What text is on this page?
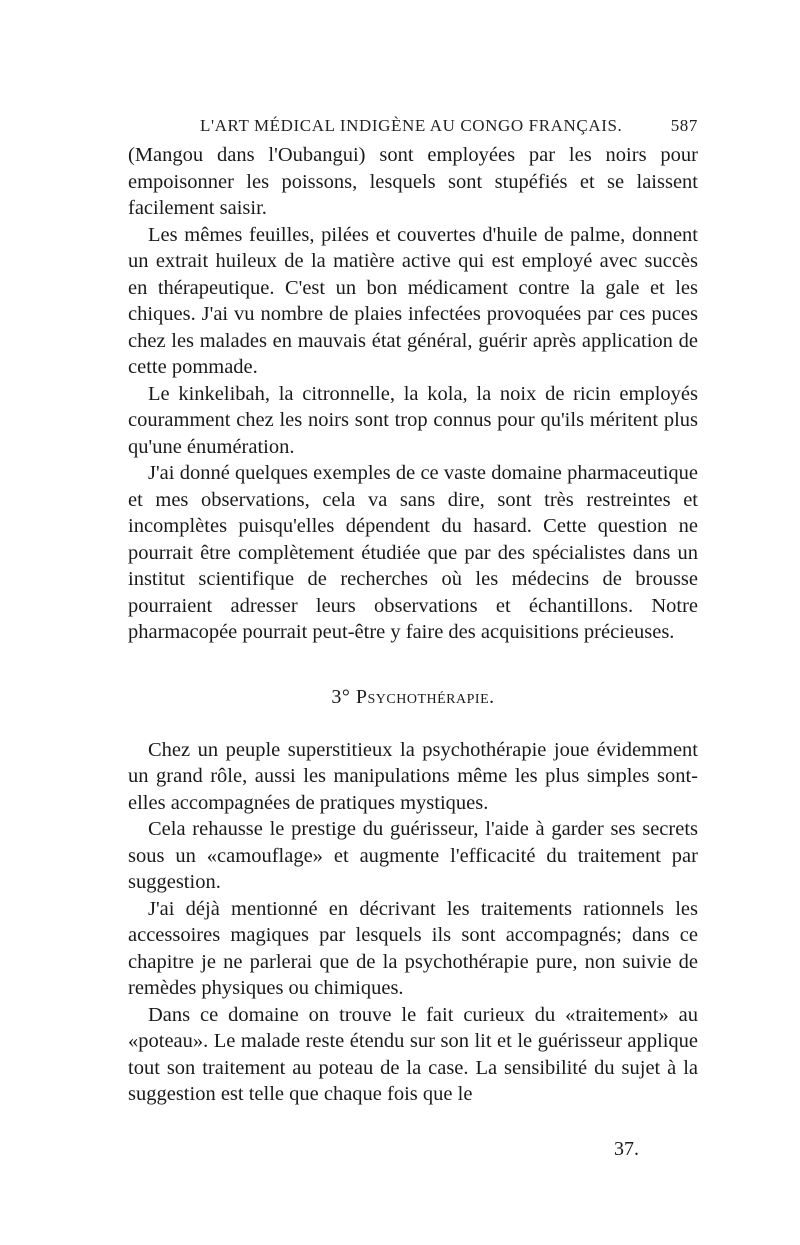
L'ART MÉDICAL INDIGÈNE AU CONGO FRANÇAIS.	587

(Mangou dans l'Oubangui) sont employées par les noirs pour empoisonner les poissons, lesquels sont stupéfiés et se laissent facilement saisir.

Les mêmes feuilles, pilées et couvertes d'huile de palme, donnent un extrait huileux de la matière active qui est employé avec succès en thérapeutique. C'est un bon médicament contre la gale et les chiques. J'ai vu nombre de plaies infectées provoquées par ces puces chez les malades en mauvais état général, guérir après application de cette pommade.

Le kinkelibah, la citronnelle, la kola, la noix de ricin employés couramment chez les noirs sont trop connus pour qu'ils méritent plus qu'une énumération.

J'ai donné quelques exemples de ce vaste domaine pharmaceutique et mes observations, cela va sans dire, sont très restreintes et incomplètes puisqu'elles dépendent du hasard. Cette question ne pourrait être complètement étudiée que par des spécialistes dans un institut scientifique de recherches où les médecins de brousse pourraient adresser leurs observations et échantillons. Notre pharmacopée pourrait peut-être y faire des acquisitions précieuses.

3° Psychothérapie.

Chez un peuple superstitieux la psychothérapie joue évidemment un grand rôle, aussi les manipulations même les plus simples sont-elles accompagnées de pratiques mystiques.

Cela rehausse le prestige du guérisseur, l'aide à garder ses secrets sous un «camouflage» et augmente l'efficacité du traitement par suggestion.

J'ai déjà mentionné en décrivant les traitements rationnels les accessoires magiques par lesquels ils sont accompagnés; dans ce chapitre je ne parlerai que de la psychothérapie pure, non suivie de remèdes physiques ou chimiques.

Dans ce domaine on trouve le fait curieux du «traitement» au «poteau». Le malade reste étendu sur son lit et le guérisseur applique tout son traitement au poteau de la case. La sensibilité du sujet à la suggestion est telle que chaque fois que le

37.
